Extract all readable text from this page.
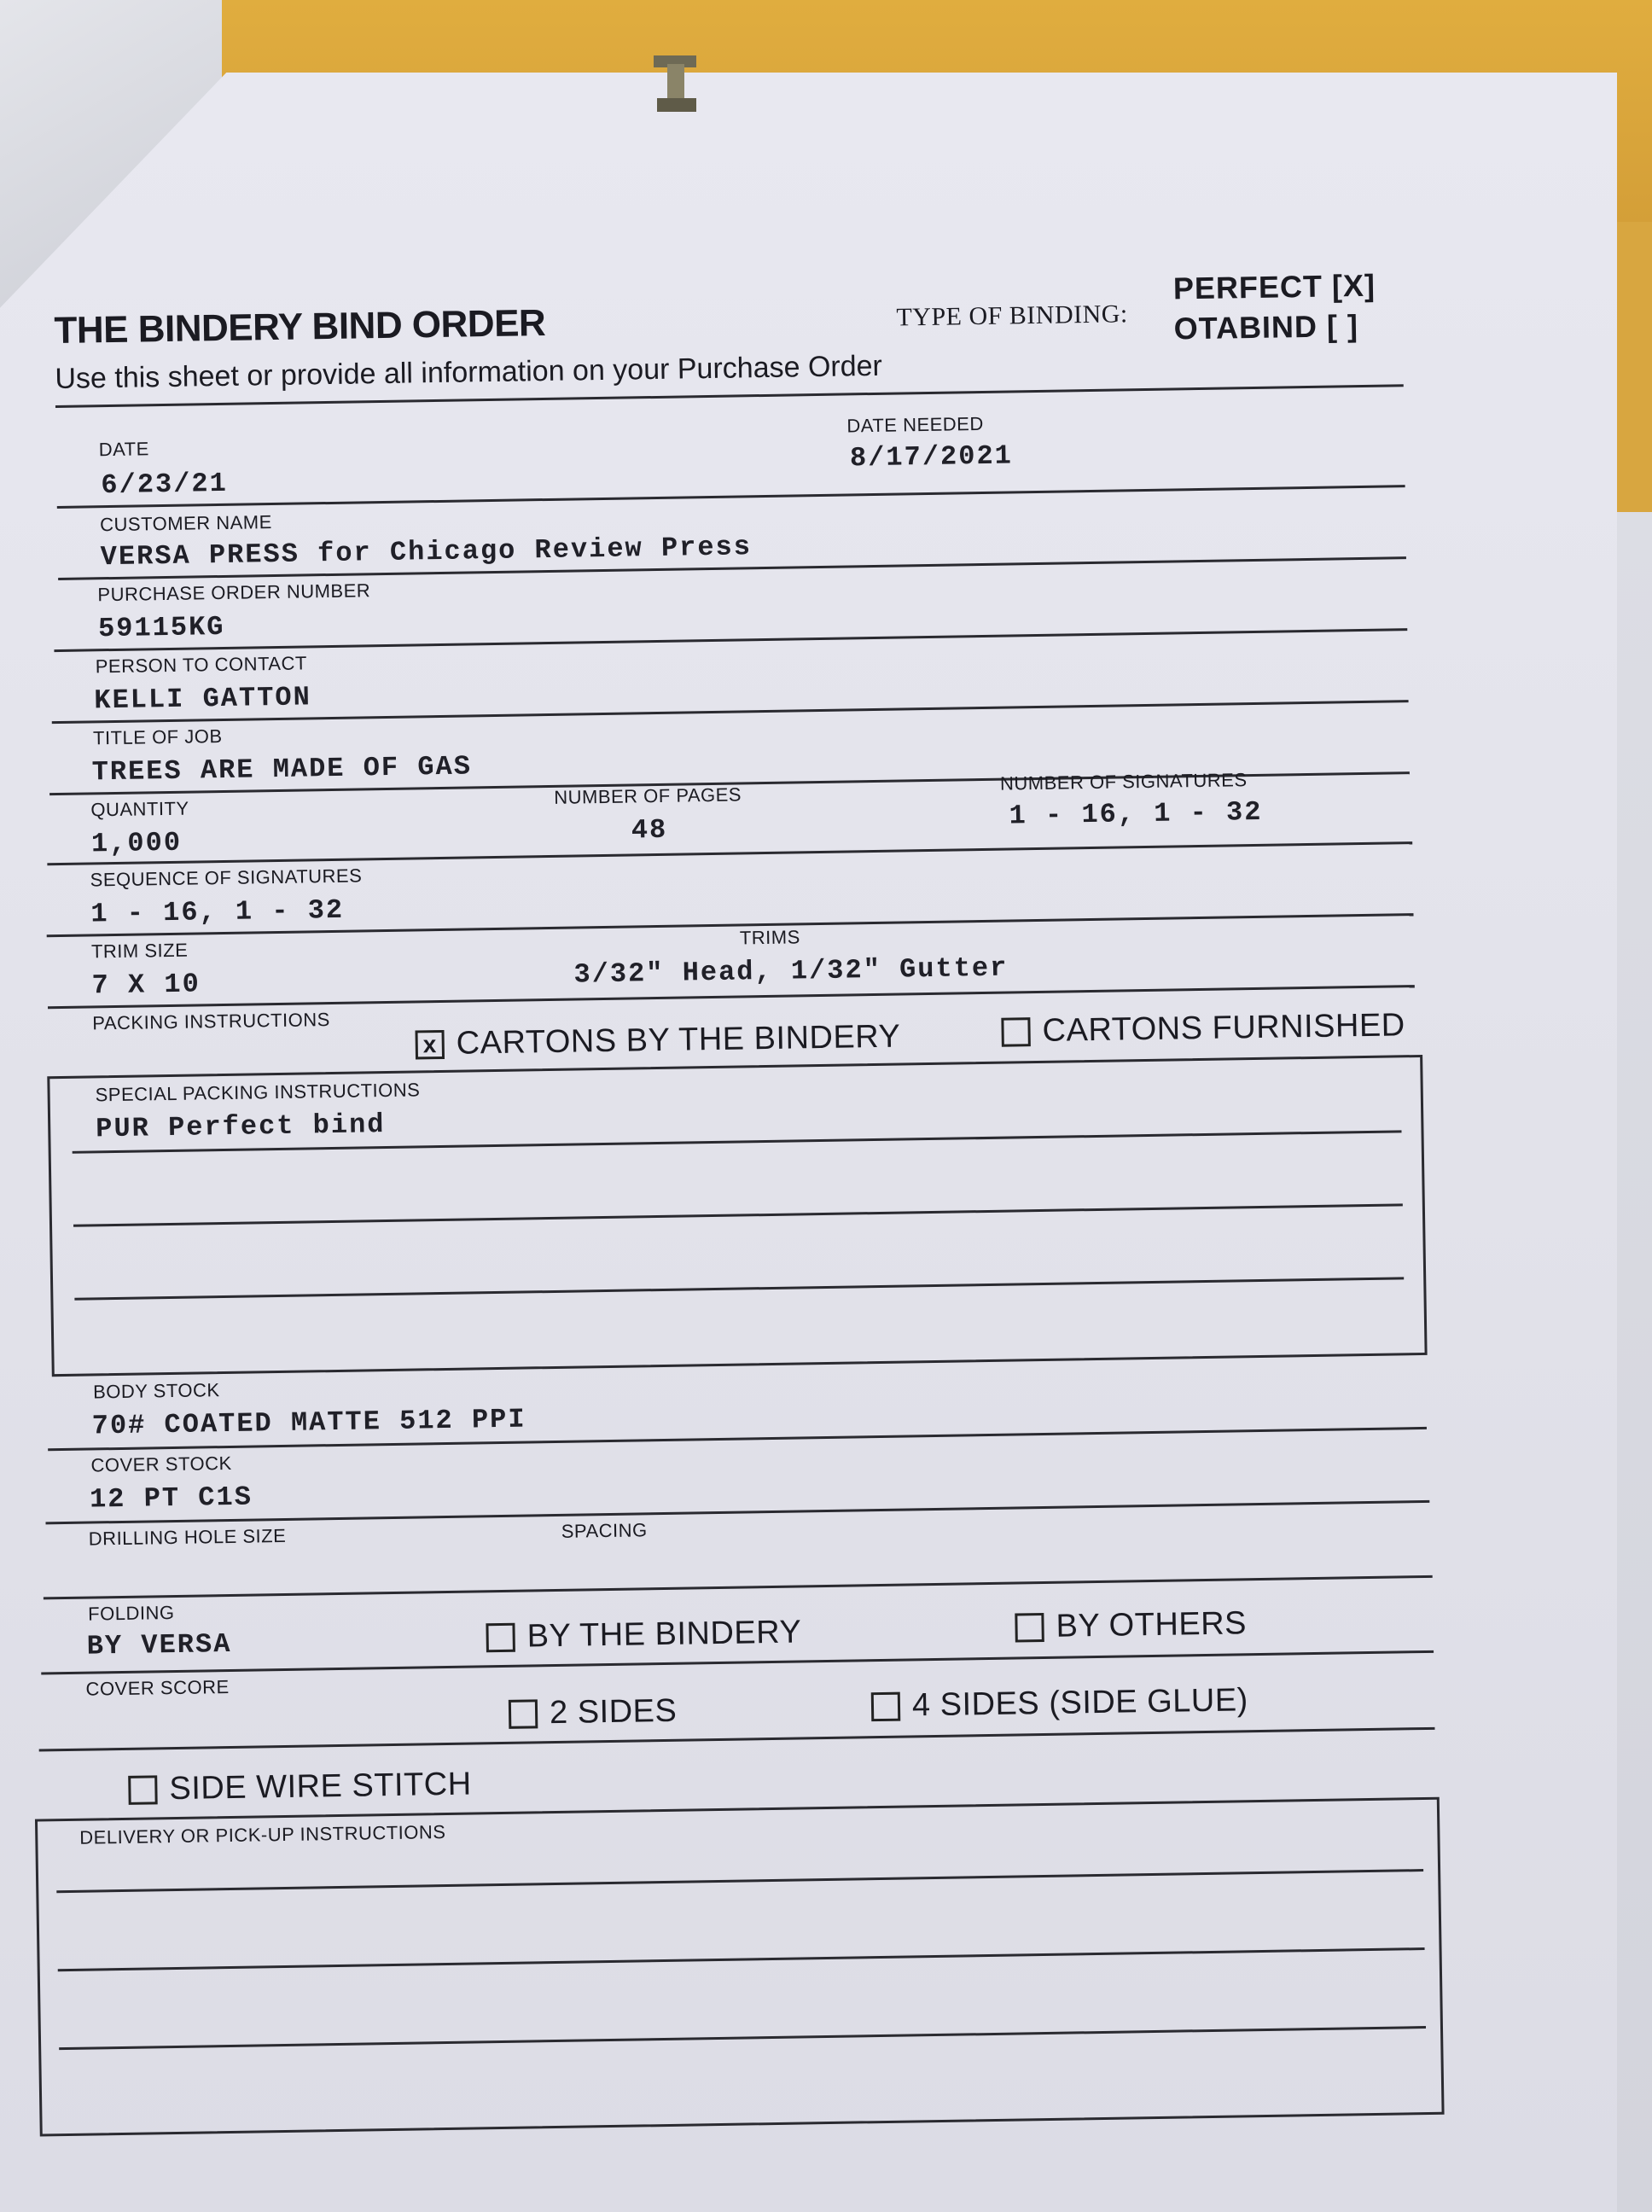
THE BINDERY BIND ORDER
Use this sheet or provide all information on your Purchase Order
TYPE OF BINDING:
PERFECT [X]
OTABIND [ ]
DATE
6/23/21
DATE NEEDED
8/17/2021
CUSTOMER NAME
VERSA PRESS for Chicago Review Press
PURCHASE ORDER NUMBER
59115KG
PERSON TO CONTACT
KELLI GATTON
TITLE OF JOB
TREES ARE MADE OF GAS
QUANTITY
1,000
NUMBER OF PAGES
48
NUMBER OF SIGNATURES
1 - 16, 1 - 32
SEQUENCE OF SIGNATURES
1 - 16, 1 - 32
TRIM SIZE
7 X 10
TRIMS
3/32″ Head, 1/32″ Gutter
PACKING INSTRUCTIONS
x CARTONS BY THE BINDERY	CARTONS FURNISHED
SPECIAL PACKING INSTRUCTIONS
PUR Perfect bind
BODY STOCK
70# COATED MATTE 512 PPI
COVER STOCK
12 PT C1S
DRILLING HOLE SIZE	SPACING
FOLDING
BY VERSA	BY THE BINDERY	BY OTHERS
COVER SCORE
2 SIDES	4 SIDES (SIDE GLUE)
SIDE WIRE STITCH
DELIVERY OR PICK-UP INSTRUCTIONS
